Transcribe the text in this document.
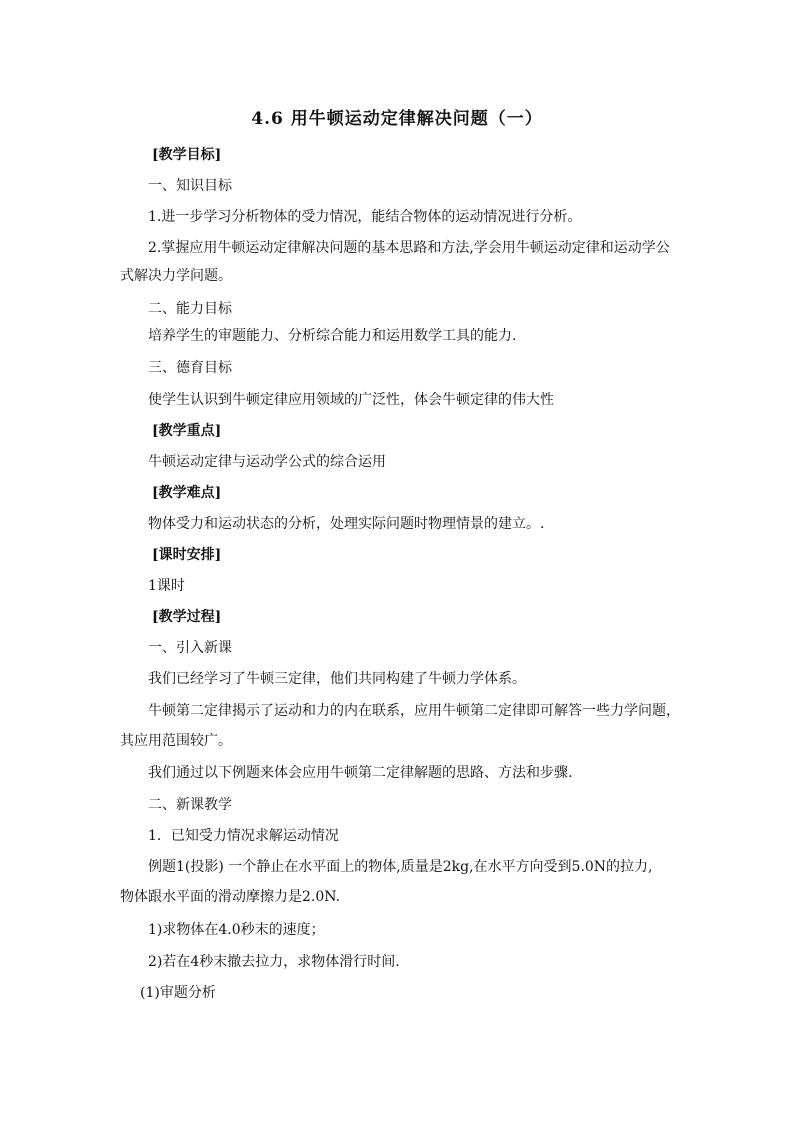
4.6 用牛顿运动定律解决问题（一）
[教学目标]
一、知识目标
1.进一步学习分析物体的受力情况，能结合物体的运动情况进行分析。
2.掌握应用牛顿运动定律解决问题的基本思路和方法,学会用牛顿运动定律和运动学公
式解决力学问题。
二、能力目标
培养学生的审题能力、分析综合能力和运用数学工具的能力.
三、德育目标
使学生认识到牛顿定律应用领域的广泛性，体会牛顿定律的伟大性
[教学重点]
牛顿运动定律与运动学公式的综合运用
[教学难点]
物体受力和运动状态的分析，处理实际问题时物理情景的建立。.
[课时安排]
1课时
[教学过程]
一、引入新课
我们已经学习了牛顿三定律，他们共同构建了牛顿力学体系。
牛顿第二定律揭示了运动和力的内在联系，应用牛顿第二定律即可解答一些力学问题，
其应用范围较广。
我们通过以下例题来体会应用牛顿第二定律解题的思路、方法和步骤.
二、新课教学
1．已知受力情况求解运动情况
例题1(投影) 一个静止在水平面上的物体,质量是2kg,在水平方向受到5.0N的拉力,
物体跟水平面的滑动摩擦力是2.0N.
1)求物体在4.0秒末的速度；
2)若在4秒末撤去拉力，求物体滑行时间.
(1)审题分析
